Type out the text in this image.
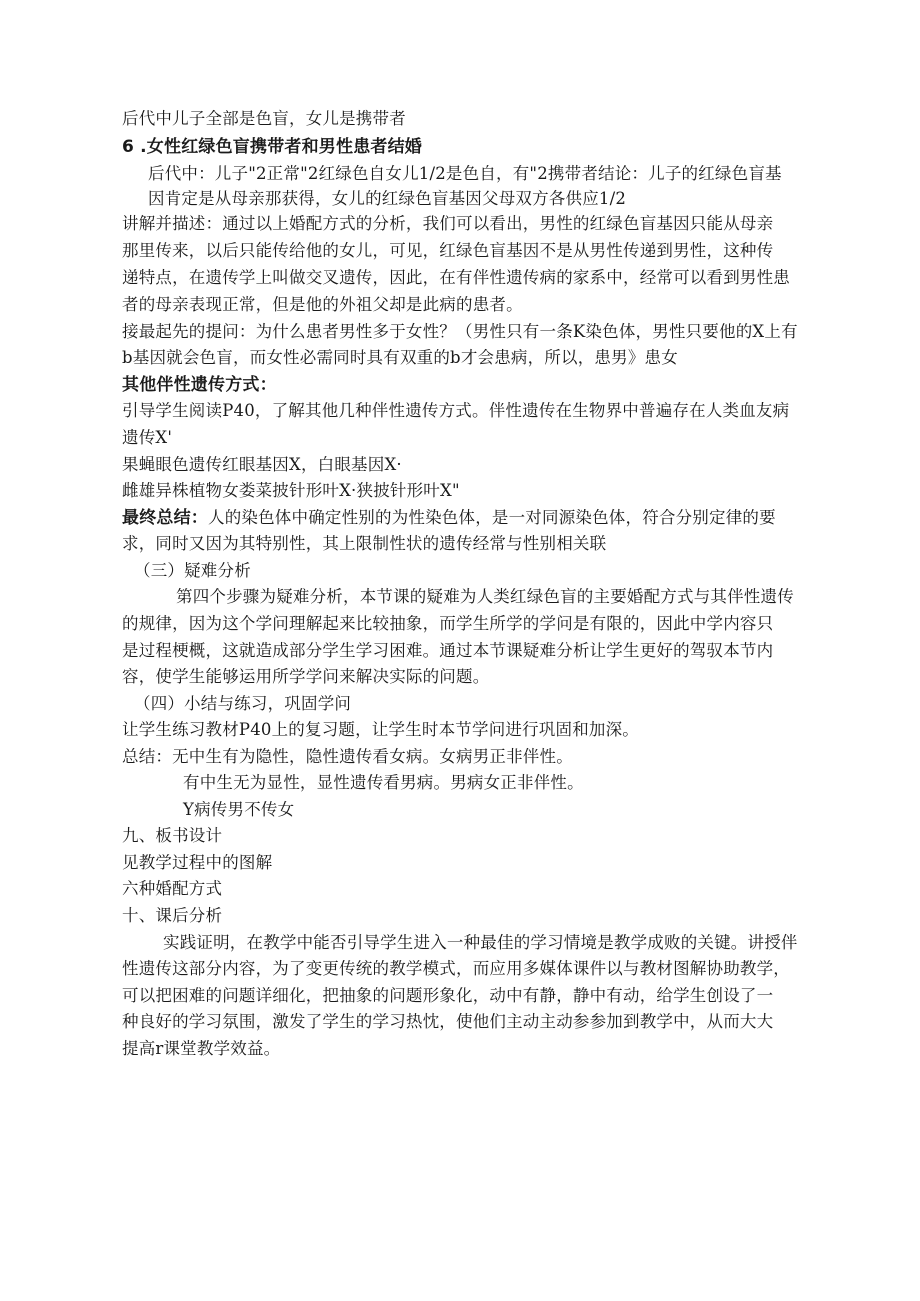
后代中儿子全部是色盲，女儿是携带者
6 .女性红绿色盲携带者和男性患者结婚
后代中：儿子"2正常"2红绿色自女儿1/2是色自，有"2携带者结论：儿子的红绿色盲基
因肯定是从母亲那获得，女儿的红绿色盲基因父母双方各供应1/2
讲解并描述：通过以上婚配方式的分析，我们可以看出，男性的红绿色盲基因只能从母亲
那里传来，以后只能传给他的女儿，可见，红绿色盲基因不是从男性传递到男性，这种传
递特点，在遗传学上叫做交叉遗传，因此，在有伴性遗传病的家系中，经常可以看到男性患
者的母亲表现正常，但是他的外祖父却是此病的患者。
接最起先的提问：为什么患者男性多于女性？（男性只有一条K染色体，男性只要他的X上有
b基因就会色盲，而女性必需同时具有双重的b才会患病，所以，患男》患女
其他伴性遗传方式：
引导学生阅读P40，了解其他几种伴性遗传方式。伴性遗传在生物界中普遍存在人类血友病
遗传X'
果蝇眼色遗传红眼基因X，白眼基因X·
雌雄异株植物女娄菜披针形叶X·狭披针形叶X"
最终总结：人的染色体中确定性别的为性染色体，是一对同源染色体，符合分别定律的要
求，同时又因为其特别性，其上限制性状的遗传经常与性别相关联
（三）疑难分析
第四个步骤为疑难分析，本节课的疑难为人类红绿色盲的主要婚配方式与其伴性遗传
的规律，因为这个学问理解起来比较抽象，而学生所学的学问是有限的，因此中学内容只
是过程梗概，这就造成部分学生学习困难。通过本节课疑难分析让学生更好的驾驭本节内
容，使学生能够运用所学学问来解决实际的问题。
（四）小结与练习，巩固学问
让学生练习教材P40上的复习题，让学生时本节学问进行巩固和加深。
总结：无中生有为隐性，隐性遗传看女病。女病男正非伴性。
有中生无为显性，显性遗传看男病。男病女正非伴性。
Y病传男不传女
九、板书设计
见教学过程中的图解
六种婚配方式
十、课后分析
实践证明，在教学中能否引导学生进入一种最佳的学习情境是教学成败的关键。讲授伴
性遗传这部分内容，为了变更传统的教学模式，而应用多媒体课件以与教材图解协助教学，
可以把困难的问题详细化，把抽象的问题形象化，动中有静，静中有动，给学生创设了一
种良好的学习氛围，激发了学生的学习热忱，使他们主动主动参参加到教学中，从而大大
提高r课堂教学效益。
